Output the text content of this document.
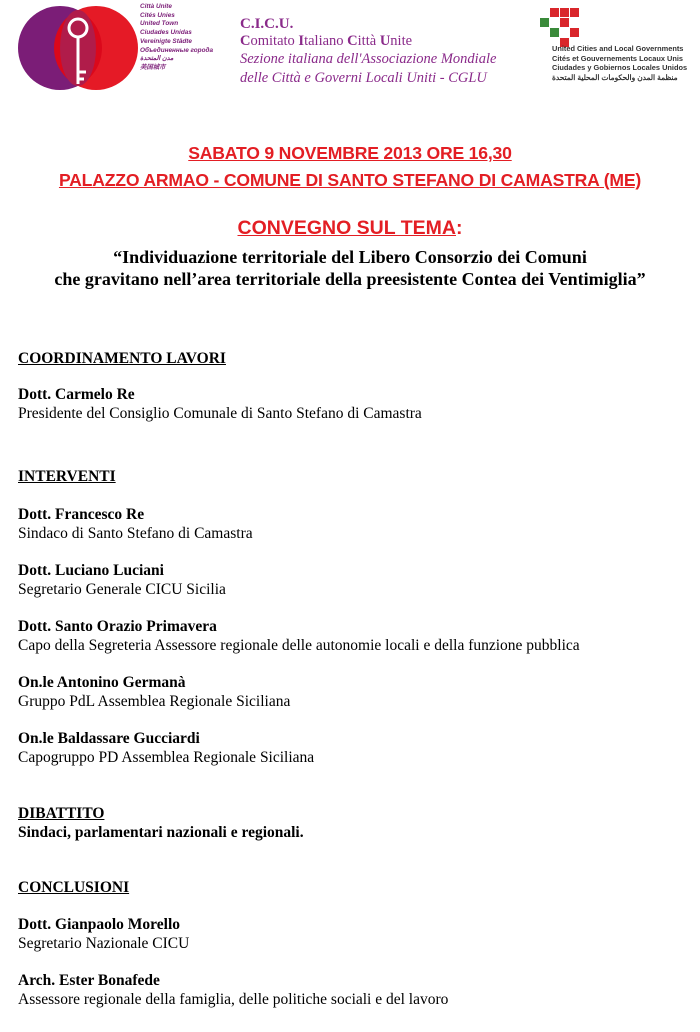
Città Unite
Cités Unies
United Town
Ciudades Unidas
Vereinigte Städte
Объединенные города
مدن المتحدة
美国城市
C.I.C.U.
Comitato Italiano Città Unite
Sezione italiana dell'Associazione Mondiale
delle Città e Governi Locali Uniti - CGLU
United Cities and Local Governments
Cités et Gouvernements Locaux Unis
Ciudades y Gobiernos Locales Unidos
منظمة المدن والحكومات المحلية المتحدة
SABATO 9 NOVEMBRE 2013 ORE 16,30
PALAZZO ARMAO - COMUNE DI SANTO STEFANO DI CAMASTRA (ME)
CONVEGNO SUL TEMA:
“Individuazione territoriale del Libero Consorzio dei Comuni
che gravitano nell’area territoriale della preesistente Contea dei Ventimiglia”
COORDINAMENTO LAVORI
Dott. Carmelo Re
Presidente del Consiglio Comunale di Santo Stefano di Camastra
INTERVENTI
Dott. Francesco Re
Sindaco di Santo Stefano di Camastra
Dott. Luciano Luciani
Segretario Generale CICU Sicilia
Dott. Santo Orazio Primavera
Capo della Segreteria Assessore regionale delle autonomie locali e della funzione pubblica
On.le Antonino Germanà
Gruppo PdL Assemblea Regionale Siciliana
On.le Baldassare Gucciardi
Capogruppo PD Assemblea Regionale Siciliana
DIBATTITO
Sindaci, parlamentari nazionali e regionali.
CONCLUSIONI
Dott. Gianpaolo Morello
Segretario Nazionale CICU
Arch. Ester Bonafede
Assessore regionale della famiglia, delle politiche sociali e del lavoro
